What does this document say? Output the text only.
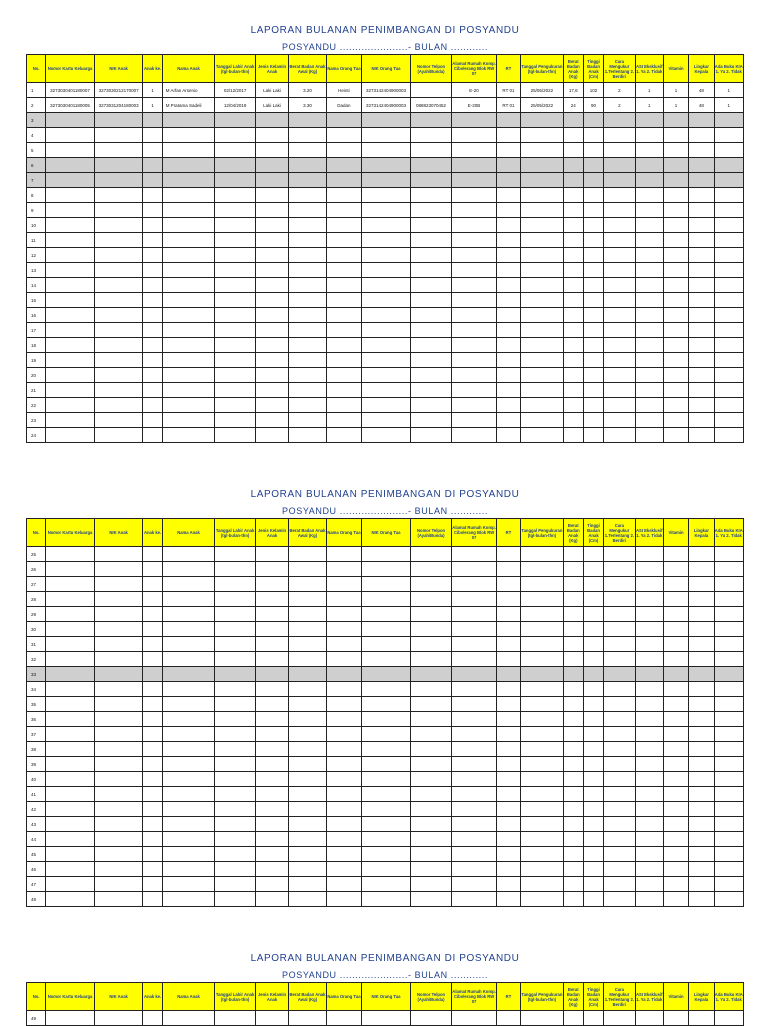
LAPORAN BULANAN PENIMBANGAN DI POSYANDU
POSYANDU ......................- BULAN ............
No.	Nomor Kartu Keluarga	NIK Anak	Anak ke.	Nama Anak	Tanggal Lahir Anak (tgl-bulan-thn)	Jenis Kelamin Anak	Berat Badan Anak Awal (Kg)	Nama Orang Tua	NIK Orang Tua	Nomor Telpon (Ayah/Bunda)	Alamat Rumah Komp. Cibolerang Blok RW 07	RT	Tanggal Pengukuran (tgl-bulan-thn)	Berat Badan Anak (Kg)	Tinggi Badan Anak (Cm)	Cara Mengukur 1.Terlentang 2. Berdiri	ASI Eksklusif 1. Ya 2. Tidak	Vitamin	Lingkar Kepala	Ada Buku KIA 1. Ya 2. Tidak
1	3273030401180007	3273030212170007	1	M Arfan Arsenio	02/12/2017	Laki Laki	3.20	Heinti	3273142404900003		E-20	RT 01	25/05/2022	17,6	102	2	1	1	48	1
2	3273030401180005	3273031204180003	1	M Pratama Sadeli	12/04/2019	Laki Laki	3.30	Dadan	3273142404900003	088823070452	E-20B	RT 01	25/05/2022	24	90	2	1	1	48	1
3																				
4																				
5																				
6																				
7																				
8																				
9																				
10																				
11																				
12																				
13																				
14																				
15																				
16																				
17																				
18																				
19																				
20																				
21																				
22																				
23																				
24																				
LAPORAN BULANAN PENIMBANGAN DI POSYANDU
POSYANDU ......................- BULAN ............
No.	Nomor Kartu Keluarga	NIK Anak	Anak ke.	Nama Anak	Tanggal Lahir Anak (tgl-bulan-thn)	Jenis Kelamin Anak	Berat Badan Anak Awal (Kg)	Nama Orang Tua	NIK Orang Tua	Nomor Telpon (Ayah/Bunda)	Alamat Rumah Komp. Cibolerang Blok RW 07	RT	Tanggal Pengukuran (tgl-bulan-thn)	Berat Badan Anak (Kg)	Tinggi Badan Anak (Cm)	Cara Mengukur 1.Terlentang 2. Berdiri	ASI Eksklusif 1. Ya 2. Tidak	Vitamin	Lingkar Kepala	Ada Buku KIA 1. Ya 2. Tidak
25																				
26																				
27																				
28																				
29																				
30																				
31																				
32																				
33																				
34																				
35																				
36																				
37																				
38																				
39																				
40																				
41																				
42																				
43																				
44																				
45																				
46																				
47																				
48																				
LAPORAN BULANAN PENIMBANGAN DI POSYANDU
POSYANDU ......................- BULAN ............
No.	Nomor Kartu Keluarga	NIK Anak	Anak ke.	Nama Anak	Tanggal Lahir Anak (tgl-bulan-thn)	Jenis Kelamin Anak	Berat Badan Anak Awal (Kg)	Nama Orang Tua	NIK Orang Tua	Nomor Telpon (Ayah/Bunda)	Alamat Rumah Komp. Cibolerang Blok RW 07	RT	Tanggal Pengukuran (tgl-bulan-thn)	Berat Badan Anak (Kg)	Tinggi Badan Anak (Cm)	Cara Mengukur 1.Terlentang 2. Berdiri	ASI Eksklusif 1. Ya 2. Tidak	Vitamin	Lingkar Kepala	Ada Buku KIA 1. Ya 2. Tidak
49																				
